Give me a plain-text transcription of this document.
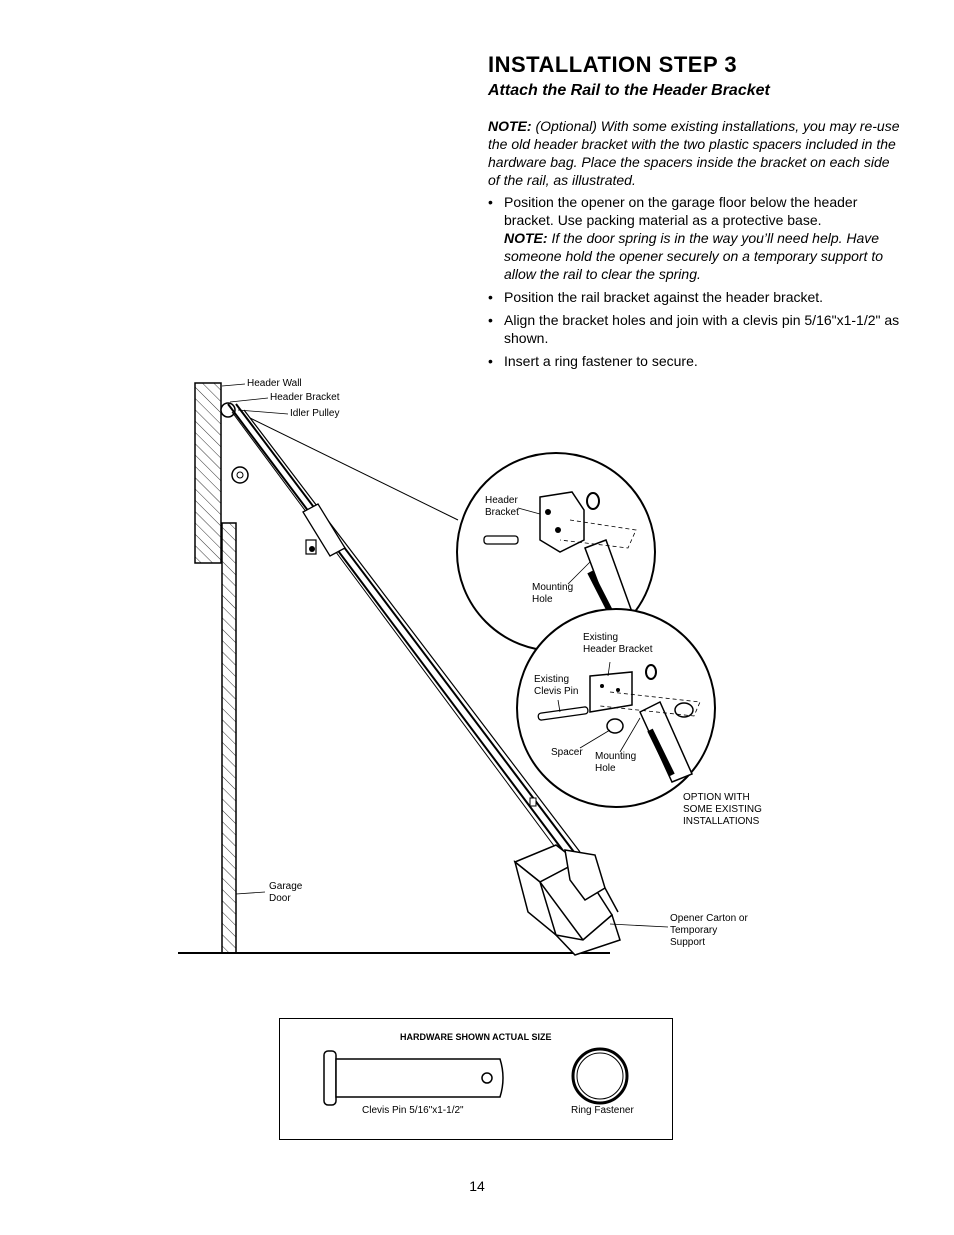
INSTALLATION STEP 3
Attach the Rail to the Header Bracket
NOTE: (Optional) With some existing installations, you may re-use the old header bracket with the two plastic spacers included in the hardware bag. Place the spacers inside the bracket on each side of the rail, as illustrated.
• Position the opener on the garage floor below the header bracket. Use packing material as a protective base.
NOTE: If the door spring is in the way you’ll need help. Have someone hold the opener securely on a temporary support to allow the rail to clear the spring.
• Position the rail bracket against the header bracket.
• Align the bracket holes and join with a clevis pin 5/16"x1-1/2" as shown.
• Insert a ring fastener to secure.
Header Wall
Header Bracket
Idler Pulley
Garage
Door
Opener Carton or
Temporary
Support
Header
Bracket
Mounting
Hole
Existing
Header Bracket
Existing
Clevis Pin
Spacer Mounting
Hole
OPTION WITH
SOME EXISTING
INSTALLATIONS
HARDWARE SHOWN ACTUAL SIZE
Clevis Pin 5/16"x1-1/2"	Ring Fastener
14
